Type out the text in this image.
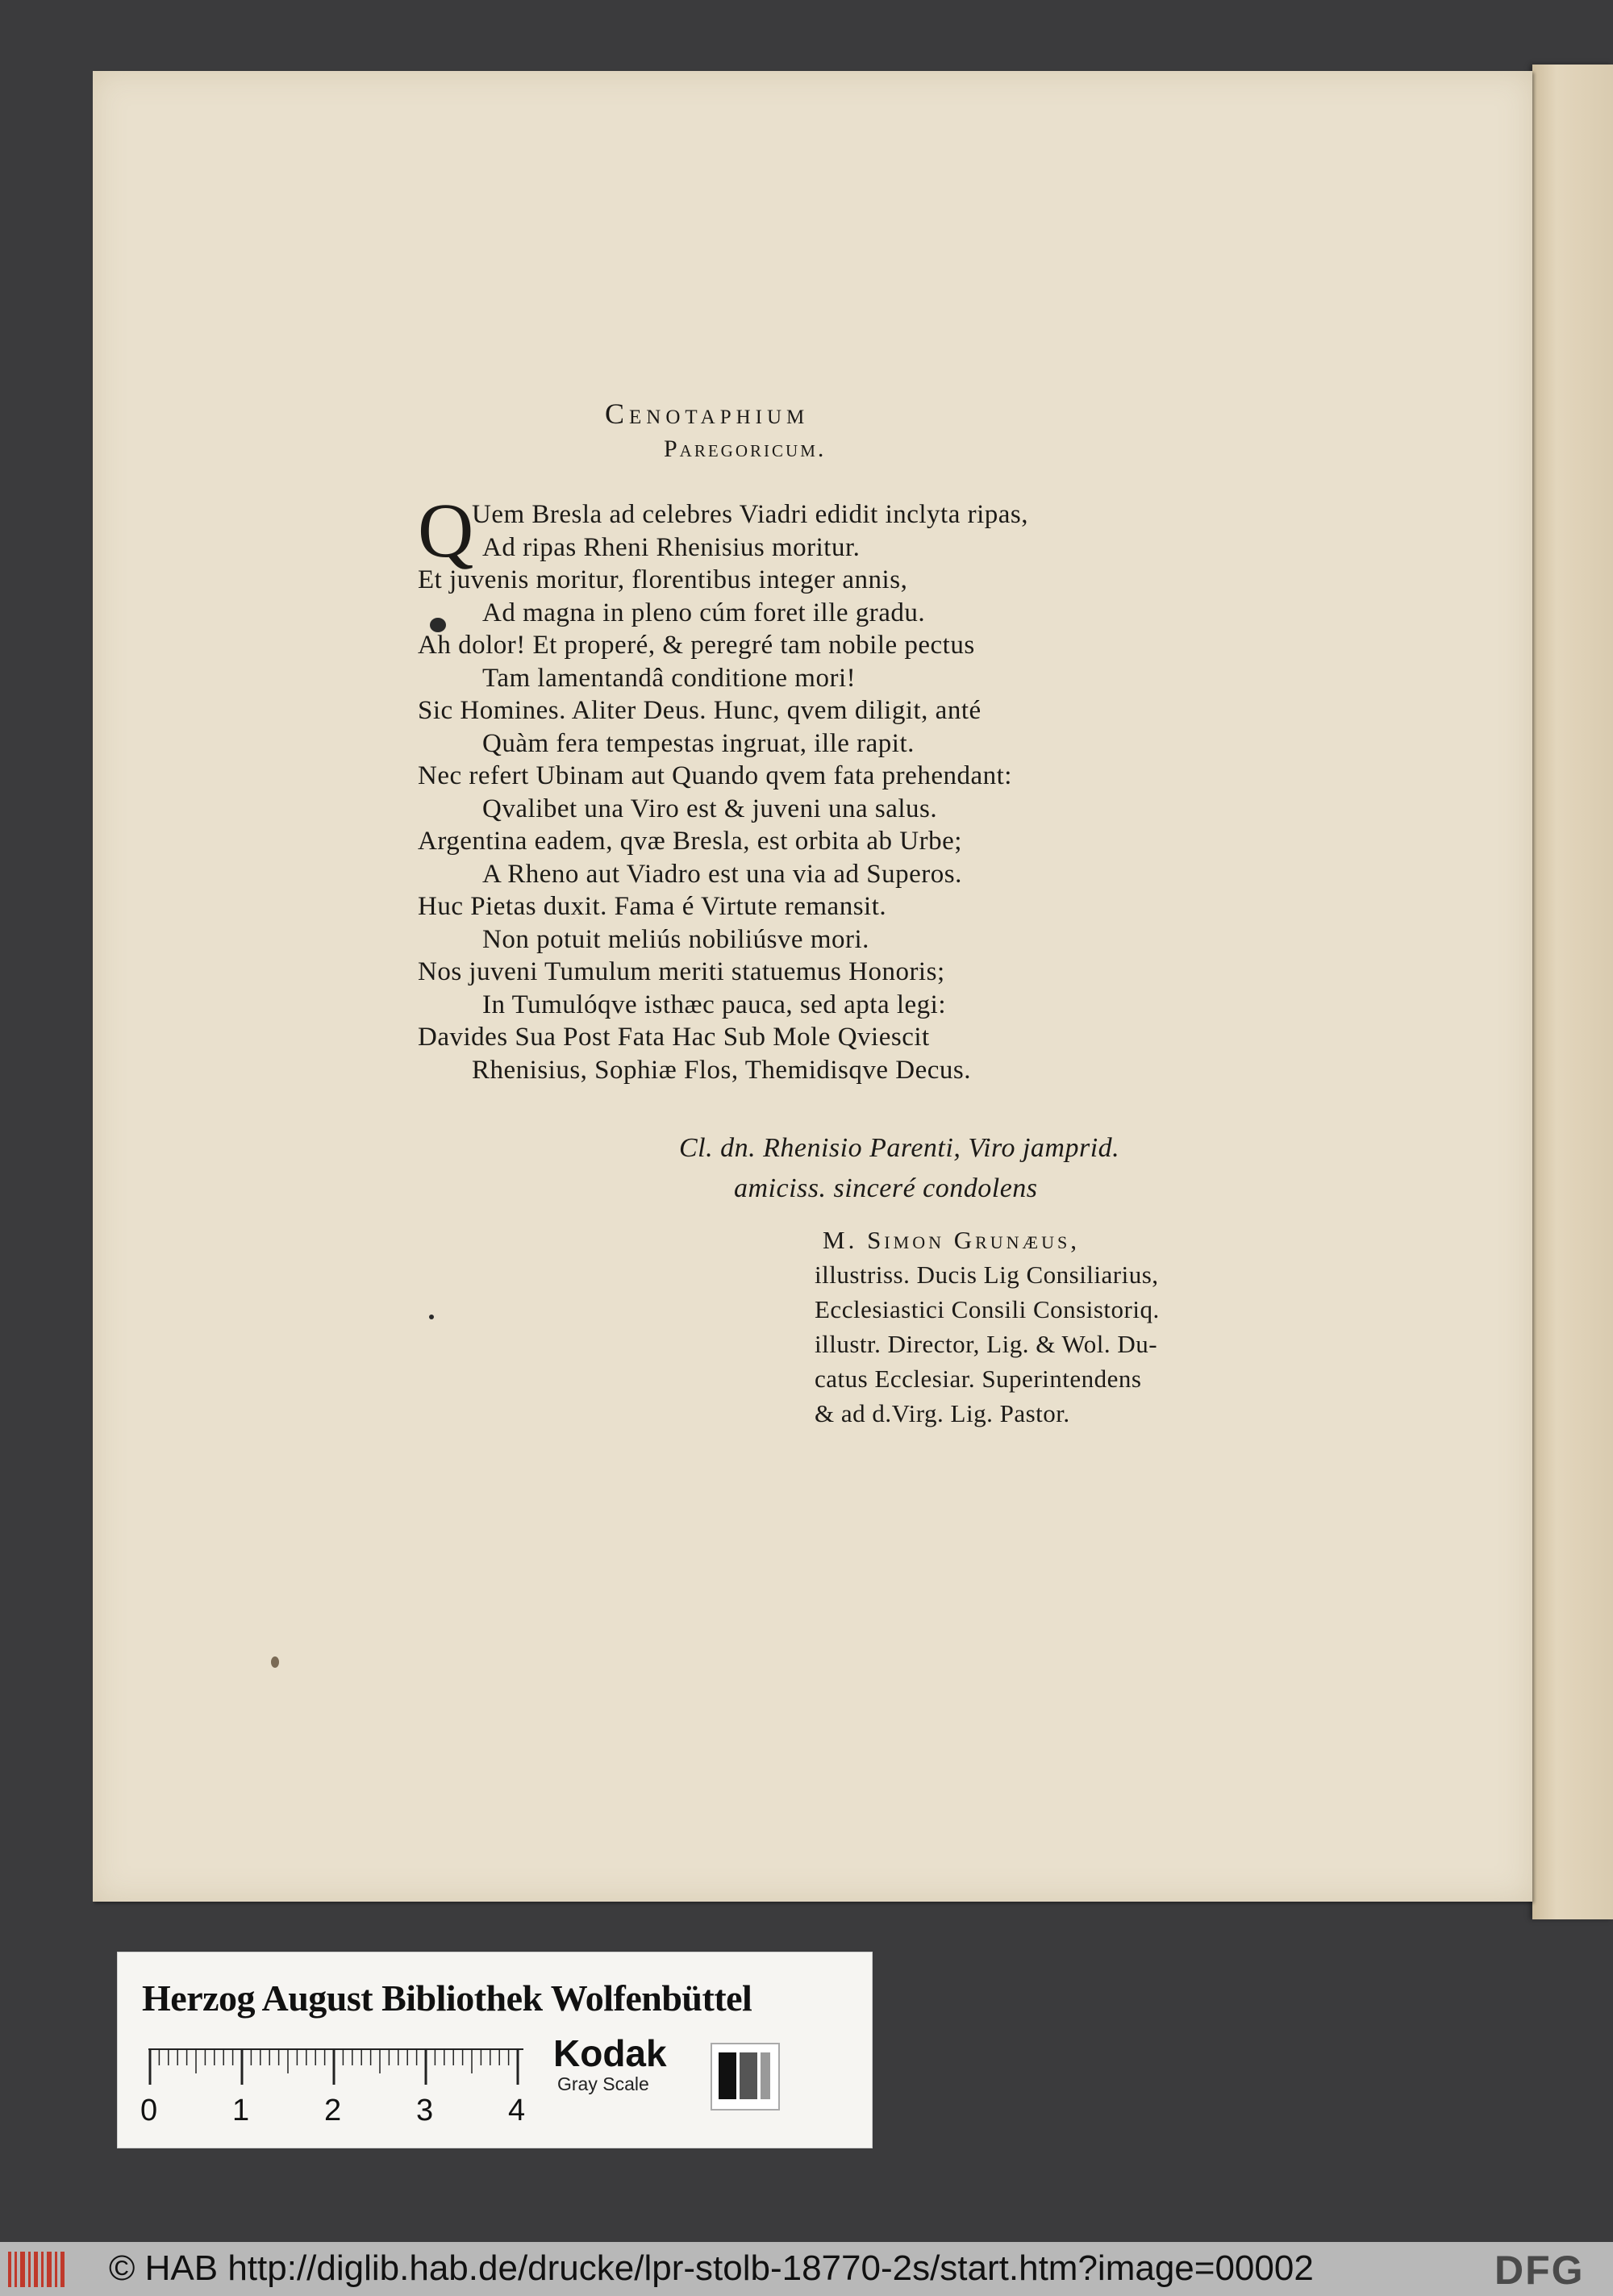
Cenotaphium
Paregoricum.
Q
Uem Bresla ad celebres Viadri edidit inclyta ripas,
Ad ripas Rheni Rhenisius moritur.
Et juvenis moritur, florentibus integer annis,
Ad magna in pleno cúm foret ille gradu.
Ah dolor! Et properé, & peregré tam nobile pectus
Tam lamentandâ conditione mori!
Sic Homines. Aliter Deus. Hunc, qvem diligit, anté
Quàm fera tempestas ingruat, ille rapit.
Nec refert Ubinam aut Quando qvem fata prehendant:
Qvalibet una Viro est & juveni una salus.
Argentina eadem, qvæ Bresla, est orbita ab Urbe;
A Rheno aut Viadro est una via ad Superos.
Huc Pietas duxit. Fama é Virtute remansit.
Non potuit meliús nobiliúsve mori.
Nos juveni Tumulum meriti statuemus Honoris;
In Tumulóqve isthæc pauca, sed apta legi:
Davides Sua Post Fata Hac Sub Mole Qviescit
Rhenisius, Sophiæ Flos, Themidisqve Decus.
Cl. dn. Rhenisio Parenti, Viro jamprid.
amiciss. sinceré condolens
M. Simon Grunæus,
illustriss. Ducis Lig Consiliarius,
Ecclesiastici Consili Consistoriq.
illustr. Director, Lig. & Wol. Du-
catus Ecclesiar. Superintendens
& ad d.Virg. Lig. Pastor.
Herzog August Bibliothek Wolfenbüttel
0 1 2 3 4
Kodak
Gray Scale
© HAB http://diglib.hab.de/drucke/lpr-stolb-18770-2s/start.htm?image=00002	DFG
